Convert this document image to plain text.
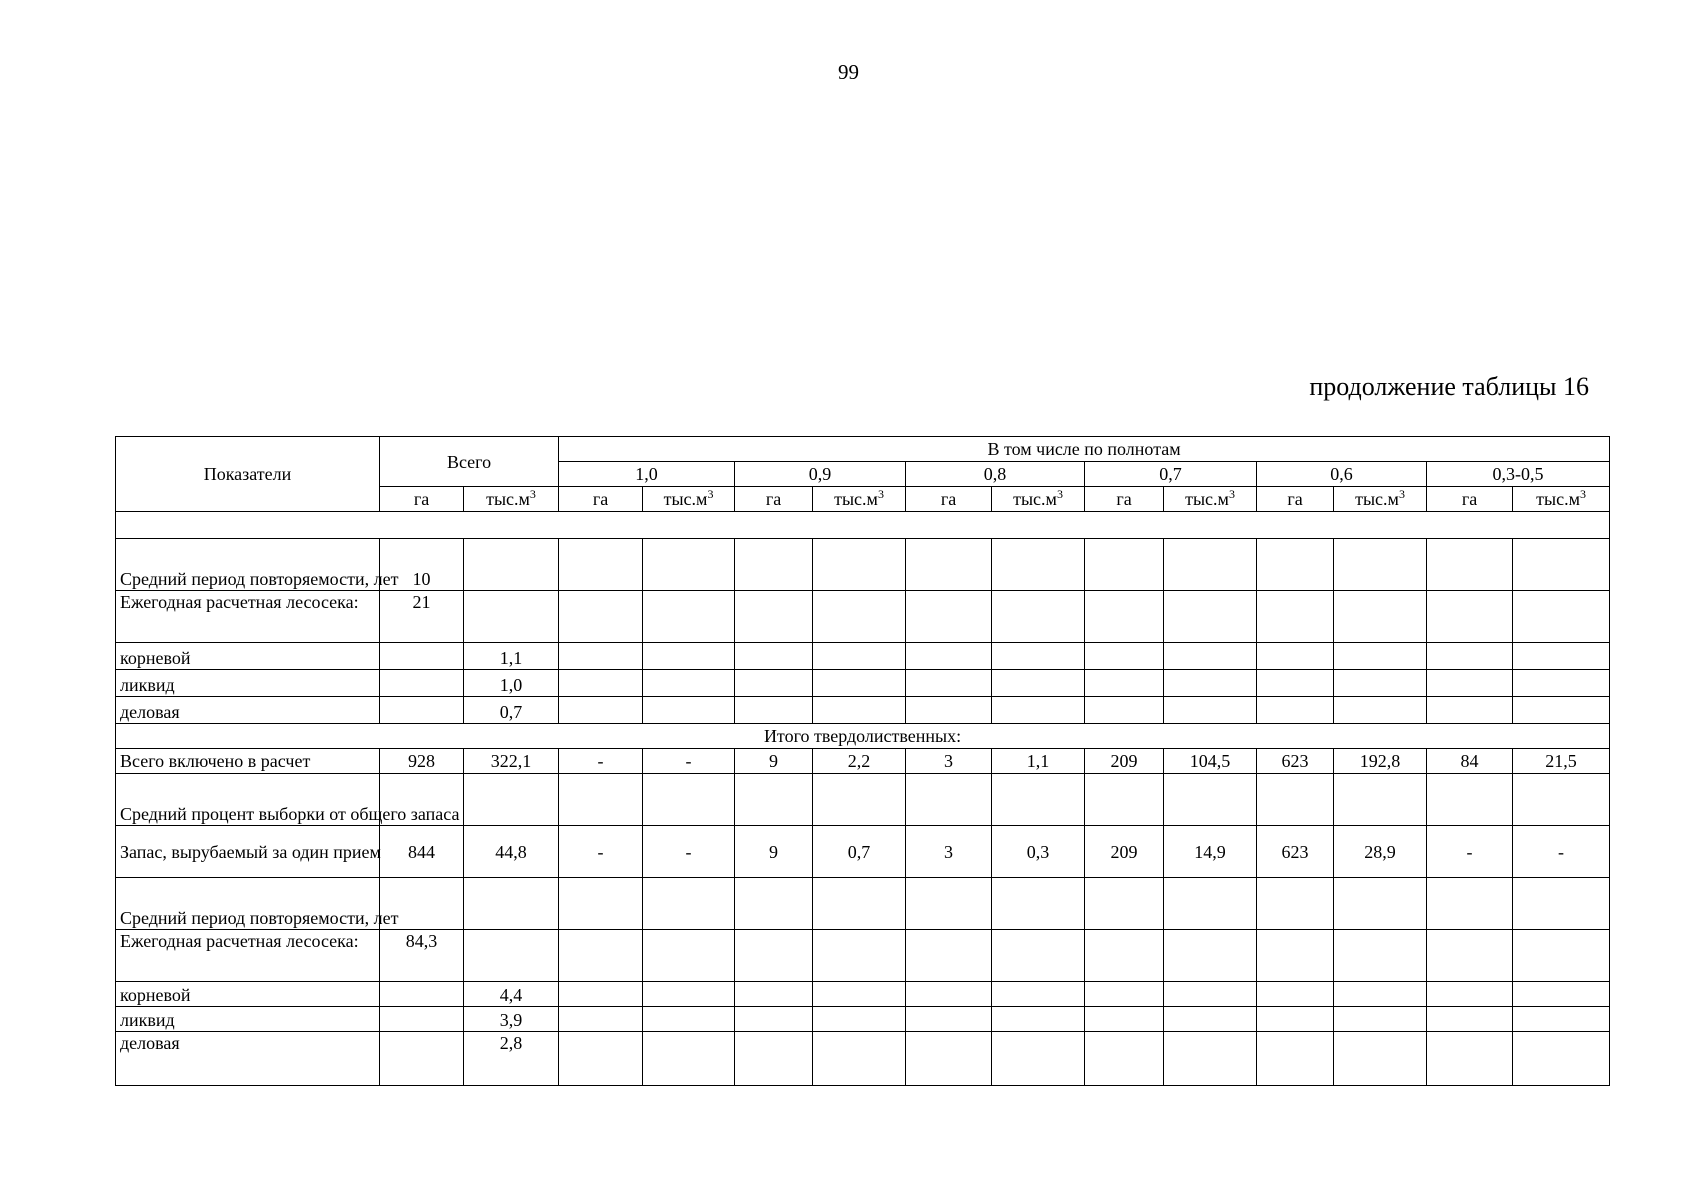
99
продолжение таблицы 16
Показатели	Всего		В том числе по полнотам											
			1,0		0,9		0,8		0,7		0,6		0,3-0,5	
	га	$тыс.м^3$	га	$тыс.м^3$	га	$тыс.м^3$	га	$тыс.м^3$	га	$тыс.м^3$	га	$тыс.м^3$	га	$тыс.м^3$

Средний период повторяемости, лет	10													
Ежегодная расчетная лесосека:	21													
корневой		1,1												
ликвид		1,0												
деловая		0,7												
Итого твердолиственных:														
Всего включено в расчет	928	322,1	-	-	9	2,2	3	1,1	209	104,5	623	192,8	84	21,5
Средний процент выборки от общего запаса														
Запас, вырубаемый за один прием	844	44,8	-	-	9	0,7	3	0,3	209	14,9	623	28,9	-	-
Средний период повторяемости, лет														
Ежегодная расчетная лесосека:	84,3													
корневой		4,4												
ликвид		3,9												
деловая		2,8												
